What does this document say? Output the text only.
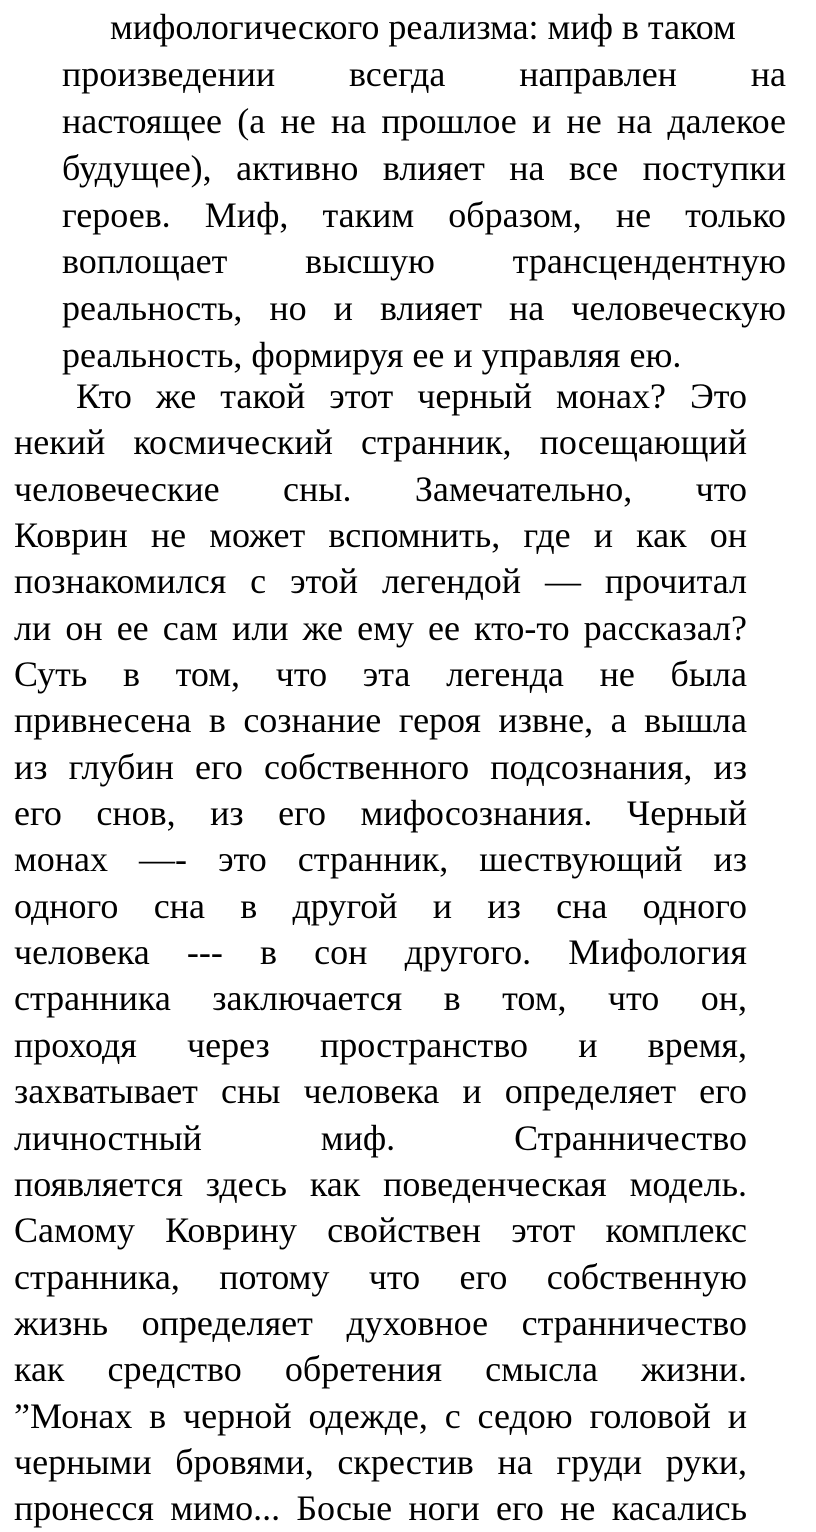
мифологического реализма: миф в таком
произведении всегда направлен на
настоящее (а не на прошлое и не на далекое
будущее), активно влияет на все поступки
героев. Миф, таким образом, не только
воплощает высшую трансцендентную
реальность, но и влияет на человеческую
реальность, формируя ее и управляя ею.
Кто же такой этот черный монах? Это
некий космический странник, посещающий
человеческие сны. Замечательно, что
Коврин не может вспомнить, где и как он
познакомился с этой легендой — прочитал
ли он ее сам или же ему ее кто-то рассказал?
Суть в том, что эта легенда не была
привнесена в сознание героя извне, а вышла
из глубин его собственного подсознания, из
его снов, из его мифосознания. Черный
монах —- это странник, шествующий из
одного сна в другой и из сна одного
человека --- в сон другого. Мифология
странника заключается в том, что он,
проходя через пространство и время,
захватывает сны человека и определяет его
личностный миф. Странничество
появляется здесь как поведенческая модель.
Самому Коврину свойствен этот комплекс
странника, потому что его собственную
жизнь определяет духовное странничество
как средство обретения смысла жизни.
”Монах в черной одежде, с седою головой и
черными бровями, скрестив на груди руки,
пронесся мимо... Босые ноги его не касались
